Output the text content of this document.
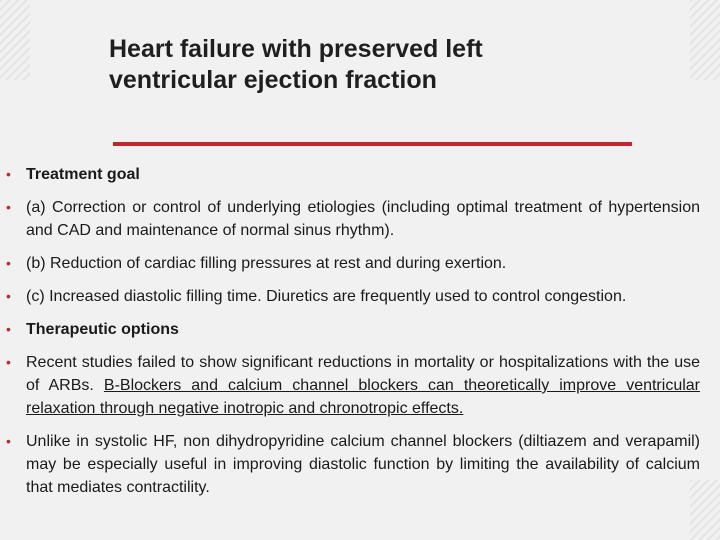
Heart failure with preserved left
ventricular ejection fraction
• Treatment goal
• (a) Correction or control of underlying etiologies (including optimal treatment of hypertension and CAD and maintenance of normal sinus rhythm).
• (b) Reduction of cardiac filling pressures at rest and during exertion.
• (c) Increased diastolic filling time. Diuretics are frequently used to control congestion.
• Therapeutic options
• Recent studies failed to show significant reductions in mortality or hospitalizations with the use of ARBs. B-Blockers and calcium channel blockers can theoretically improve ventricular relaxation through negative inotropic and chronotropic effects.
• Unlike in systolic HF, non dihydropyridine calcium channel blockers (diltiazem and verapamil) may be especially useful in improving diastolic function by limiting the availability of calcium that mediates contractility.
